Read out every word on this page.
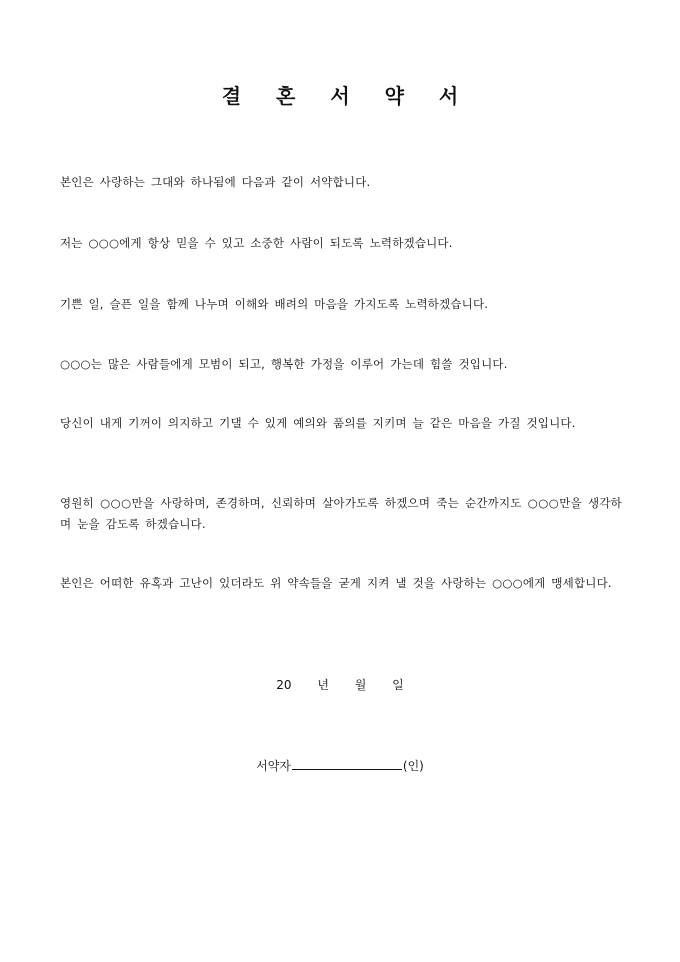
결 혼 서 약 서
본인은 사랑하는 그대와 하나됨에 다음과 같이 서약합니다.
저는 ○○○에게 항상 믿을 수 있고 소중한 사람이 되도록 노력하겠습니다.
기쁜 일, 슬픈 일을 함께 나누며 이해와 배려의 마음을 가지도록 노력하겠습니다.
○○○는 많은 사람들에게 모범이 되고, 행복한 가정을 이루어 가는데 힘쓸 것입니다.
당신이 내게 기꺼이 의지하고 기댈 수 있게 예의와 품의를 지키며 늘 같은 마음을 가질 것입니다.
영원히 ○○○만을 사랑하며, 존경하며, 신뢰하며 살아가도록 하겠으며 죽는 순간까지도 ○○○만을 생각하며 눈을 감도록 하겠습니다.
본인은 어떠한 유혹과 고난이 있더라도 위 약속들을 굳게 지켜 낼 것을 사랑하는 ○○○에게 맹세합니다.
20 년 월 일
서약자	(인)
